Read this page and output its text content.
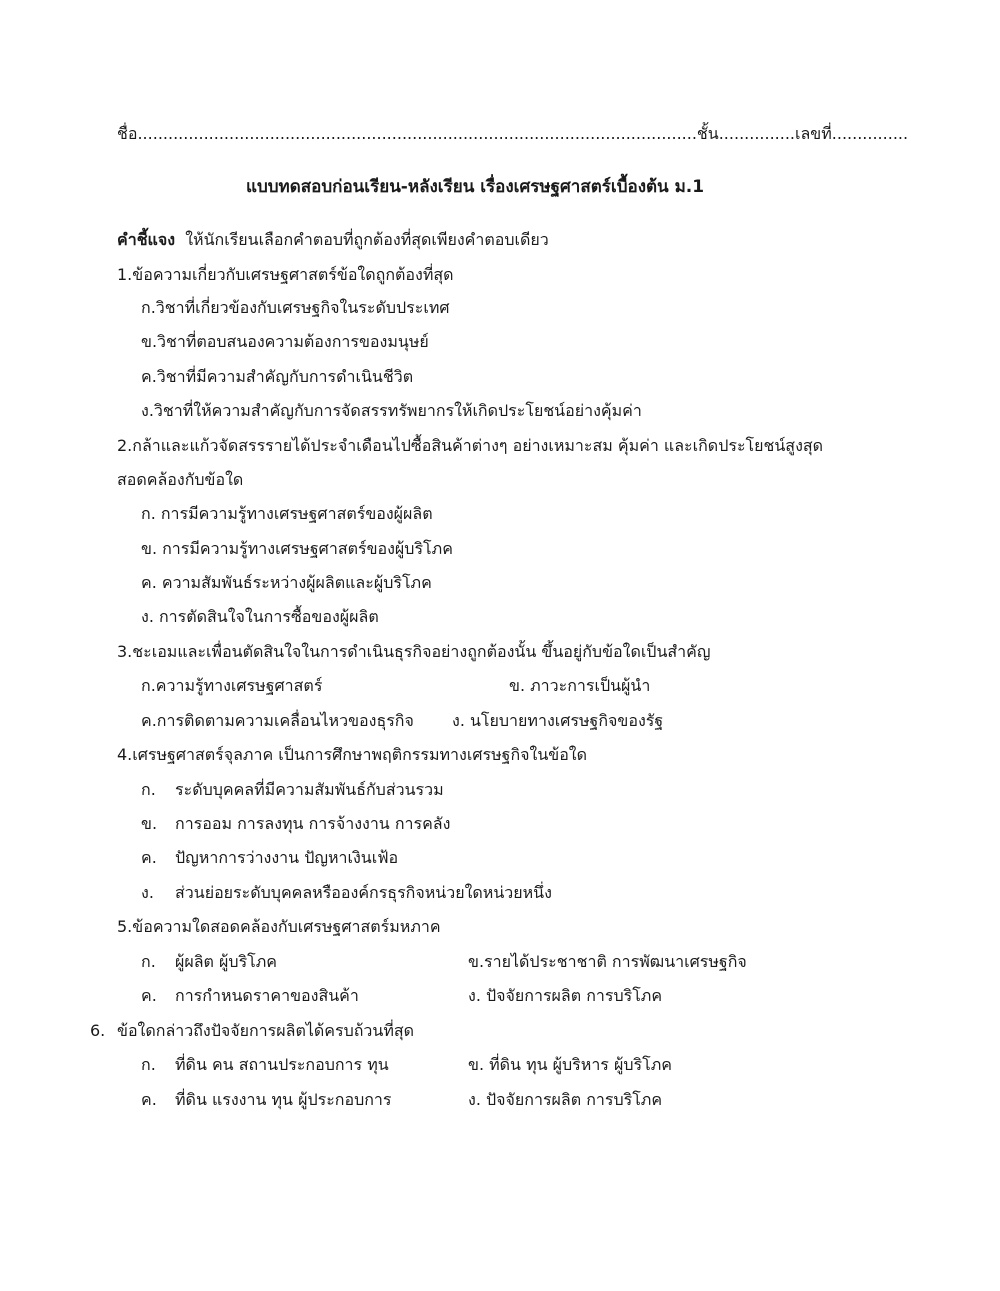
ชื่อ..............................................................................................................ชั้น...............เลขที่...............
แบบทดสอบก่อนเรียน-หลังเรียน เรื่องเศรษฐศาสตร์เบื้องต้น ม.1
คำชี้แจง ให้นักเรียนเลือกคำตอบที่ถูกต้องที่สุดเพียงคำตอบเดียว
1.ข้อความเกี่ยวกับเศรษฐศาสตร์ข้อใดถูกต้องที่สุด
ก.วิชาที่เกี่ยวข้องกับเศรษฐกิจในระดับประเทศ
ข.วิชาที่ตอบสนองความต้องการของมนุษย์
ค.วิชาที่มีความสำคัญกับการดำเนินชีวิต
ง.วิชาที่ให้ความสำคัญกับการจัดสรรทรัพยากรให้เกิดประโยชน์อย่างคุ้มค่า
2.กล้าและแก้วจัดสรรรายได้ประจำเดือนไปซื้อสินค้าต่างๆ อย่างเหมาะสม คุ้มค่า และเกิดประโยชน์สูงสุด
สอดคล้องกับข้อใด
ก. การมีความรู้ทางเศรษฐศาสตร์ของผู้ผลิต
ข. การมีความรู้ทางเศรษฐศาสตร์ของผู้บริโภค
ค. ความสัมพันธ์ระหว่างผู้ผลิตและผู้บริโภค
ง. การตัดสินใจในการซื้อของผู้ผลิต
3.ชะเอมและเพื่อนตัดสินใจในการดำเนินธุรกิจอย่างถูกต้องนั้น ขึ้นอยู่กับข้อใดเป็นสำคัญ
ก.ความรู้ทางเศรษฐศาสตร์	ข. ภาวะการเป็นผู้นำ
ค.การติดตามความเคลื่อนไหวของธุรกิจ ง. นโยบายทางเศรษฐกิจของรัฐ
4.เศรษฐศาสตร์จุลภาค เป็นการศึกษาพฤติกรรมทางเศรษฐกิจในข้อใด
ก. ระดับบุคคลที่มีความสัมพันธ์กับส่วนรวม
ข. การออม การลงทุน การจ้างงาน การคลัง
ค. ปัญหาการว่างงาน ปัญหาเงินเฟ้อ
ง. ส่วนย่อยระดับบุคคลหรือองค์กรธุรกิจหน่วยใดหน่วยหนึ่ง
5.ข้อความใดสอดคล้องกับเศรษฐศาสตร์มหภาค
ก. ผู้ผลิต ผู้บริโภค	ข.รายได้ประชาชาติ การพัฒนาเศรษฐกิจ
ค. การกำหนดราคาของสินค้า	ง. ปัจจัยการผลิต การบริโภค
6. ข้อใดกล่าวถึงปัจจัยการผลิตได้ครบถ้วนที่สุด
ก. ที่ดิน คน สถานประกอบการ ทุน	ข. ที่ดิน ทุน ผู้บริหาร ผู้บริโภค
ค. ที่ดิน แรงงาน ทุน ผู้ประกอบการ	ง. ปัจจัยการผลิต การบริโภค
